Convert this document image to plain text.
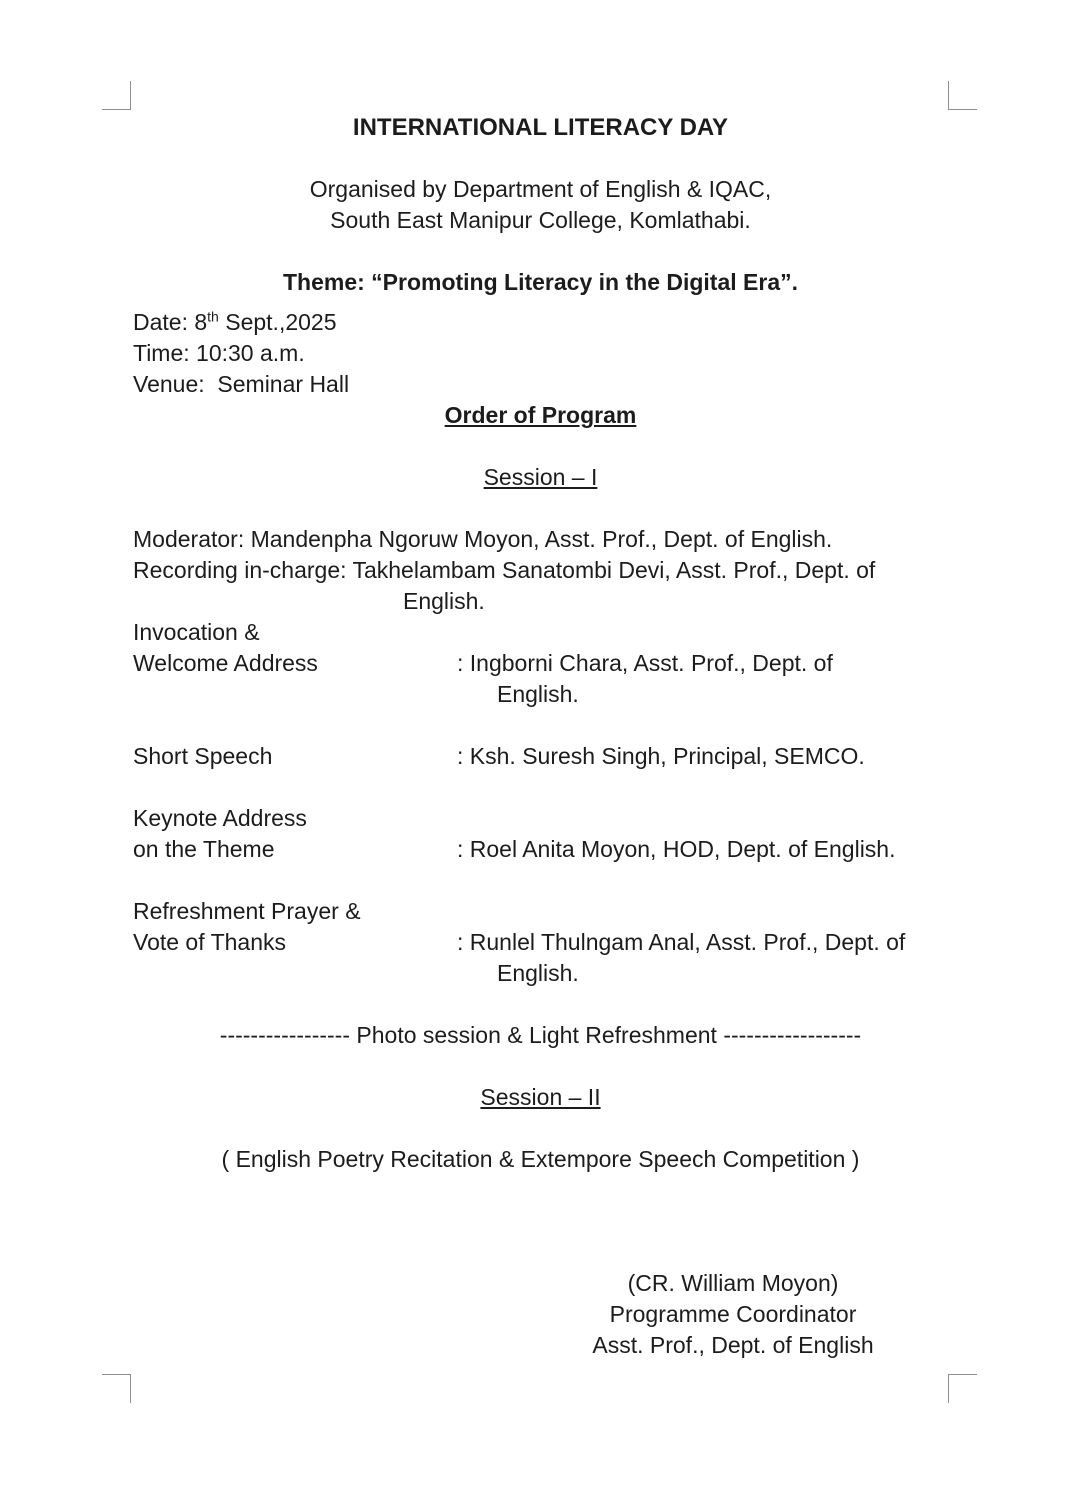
INTERNATIONAL LITERACY DAY
Organised by Department of English & IQAC,
South East Manipur College, Komlathabi.
Theme: “Promoting Literacy in the Digital Era”.
Date: 8th Sept.,2025
Time: 10:30 a.m.
Venue:  Seminar Hall
Order of Program
Session – I
Moderator: Mandenpha Ngoruw Moyon, Asst. Prof., Dept. of English.
Recording in-charge: Takhelambam Sanatombi Devi, Asst. Prof., Dept. of
English.
Invocation &
Welcome Address	: Ingborni Chara, Asst. Prof., Dept. of
English.
Short Speech	: Ksh. Suresh Singh, Principal, SEMCO.
Keynote Address
on the Theme	: Roel Anita Moyon, HOD, Dept. of English.
Refreshment Prayer &
Vote of Thanks	: Runlel Thulngam Anal, Asst. Prof., Dept. of
English.
----------------- Photo session & Light Refreshment ------------------
Session – II
( English Poetry Recitation & Extempore Speech Competition )
(CR. William Moyon)
Programme Coordinator
Asst. Prof., Dept. of English
